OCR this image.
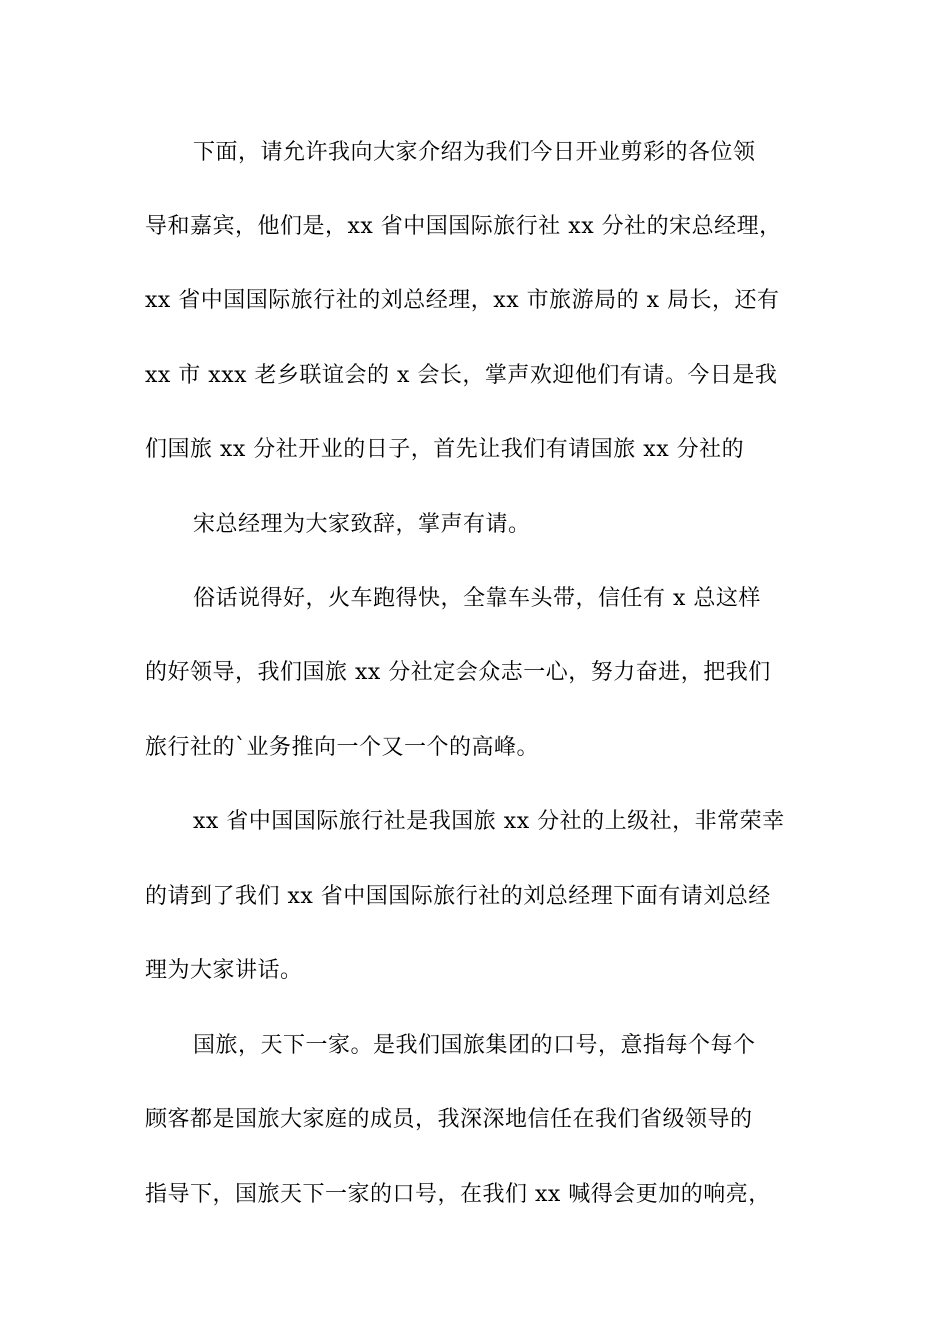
下面，请允许我向大家介绍为我们今日开业剪彩的各位领
导和嘉宾，他们是，xx 省中国国际旅行社 xx 分社的宋总经理，
xx 省中国国际旅行社的刘总经理，xx 市旅游局的 x 局长，还有
xx 市 xxx 老乡联谊会的 x 会长，掌声欢迎他们有请。今日是我
们国旅 xx 分社开业的日子，首先让我们有请国旅 xx 分社的
宋总经理为大家致辞，掌声有请。
俗话说得好，火车跑得快，全靠车头带，信任有 x 总这样
的好领导，我们国旅 xx 分社定会众志一心，努力奋进，把我们
旅行社的`业务推向一个又一个的高峰。
xx 省中国国际旅行社是我国旅 xx 分社的上级社，非常荣幸
的请到了我们 xx 省中国国际旅行社的刘总经理下面有请刘总经
理为大家讲话。
国旅，天下一家。是我们国旅集团的口号，意指每个每个
顾客都是国旅大家庭的成员，我深深地信任在我们省级领导的
指导下，国旅天下一家的口号，在我们 xx 喊得会更加的响亮，
